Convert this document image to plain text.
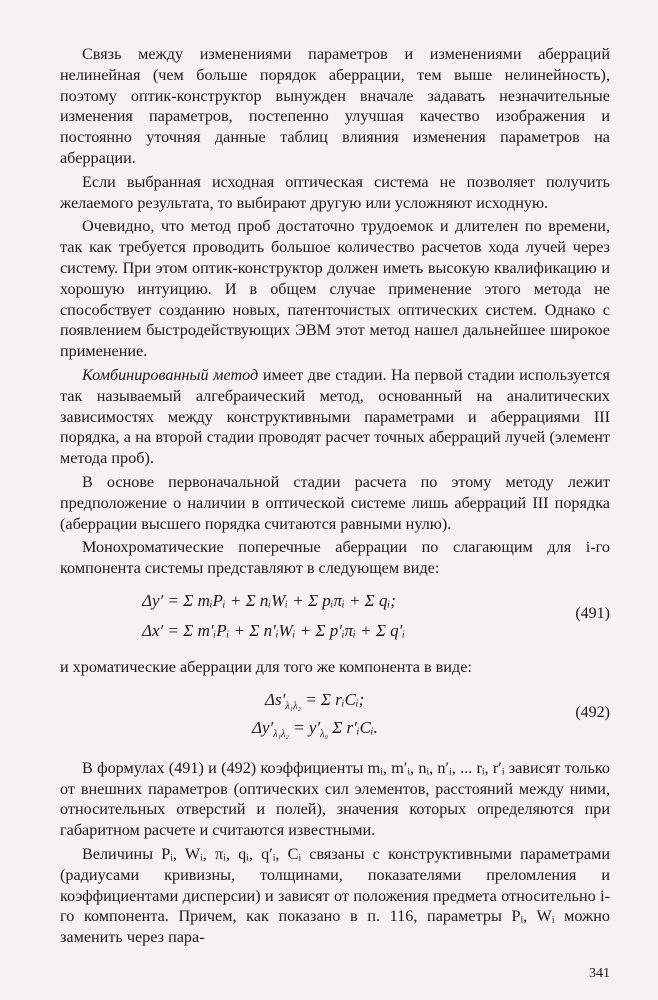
Связь между изменениями параметров и изменениями аберраций нелинейная (чем больше порядок аберрации, тем выше нелинейность), поэтому оптик-конструктор вынужден вначале задавать незначительные изменения параметров, постепенно улучшая качество изображения и постоянно уточняя данные таблиц влияния изменения параметров на аберрации.

Если выбранная исходная оптическая система не позволяет получить желаемого результата, то выбирают другую или усложняют исходную.

Очевидно, что метод проб достаточно трудоемок и длителен по времени, так как требуется проводить большое количество расчетов хода лучей через систему. При этом оптик-конструктор должен иметь высокую квалификацию и хорошую интуицию. И в общем случае применение этого метода не способствует созданию новых, патенточистых оптических систем. Однако с появлением быстродействующих ЭВМ этот метод нашел дальнейшее широкое применение.

Комбинированный метод имеет две стадии. На первой стадии используется так называемый алгебраический метод, основанный на аналитических зависимостях между конструктивными параметрами и аберрациями III порядка, а на второй стадии проводят расчет точных аберраций лучей (элемент метода проб).

В основе первоначальной стадии расчета по этому методу лежит предположение о наличии в оптической системе лишь аберраций III порядка (аберрации высшего порядка считаются равными нулю).

Монохроматические поперечные аберрации по слагающим для i-го компонента системы представляют в следующем виде:

Δy′ = Σ mᵢPᵢ + Σ nᵢWᵢ + Σ pᵢπᵢ + Σ qᵢ;
Δx′ = Σ m′ᵢPᵢ + Σ n′ᵢWᵢ + Σ p′ᵢπᵢ + Σ q′ᵢ
(491)

и хроматические аберрации для того же компонента в виде:

$\Delta s'_{\lambda_1\lambda_2} = \Sigma$ rᵢCᵢ;
$\Delta y'_{\lambda_1\lambda_2} = y'_{\lambda_0}$ Σ r′ᵢCᵢ.
(492)

В формулах (491) и (492) коэффициенты mᵢ, m′ᵢ, nᵢ, n′ᵢ, ... rᵢ, r′ᵢ зависят только от внешних параметров (оптических сил элементов, расстояний между ними, относительных отверстий и полей), значения которых определяются при габаритном расчете и считаются известными.

Величины Pᵢ, Wᵢ, πᵢ, qᵢ, q′ᵢ, Cᵢ связаны с конструктивными параметрами (радиусами кривизны, толщинами, показателями преломления и коэффициентами дисперсии) и зависят от положения предмета относительно i-го компонента. Причем, как показано в п. 116, параметры Pᵢ, Wᵢ можно заменить через пара-

341
